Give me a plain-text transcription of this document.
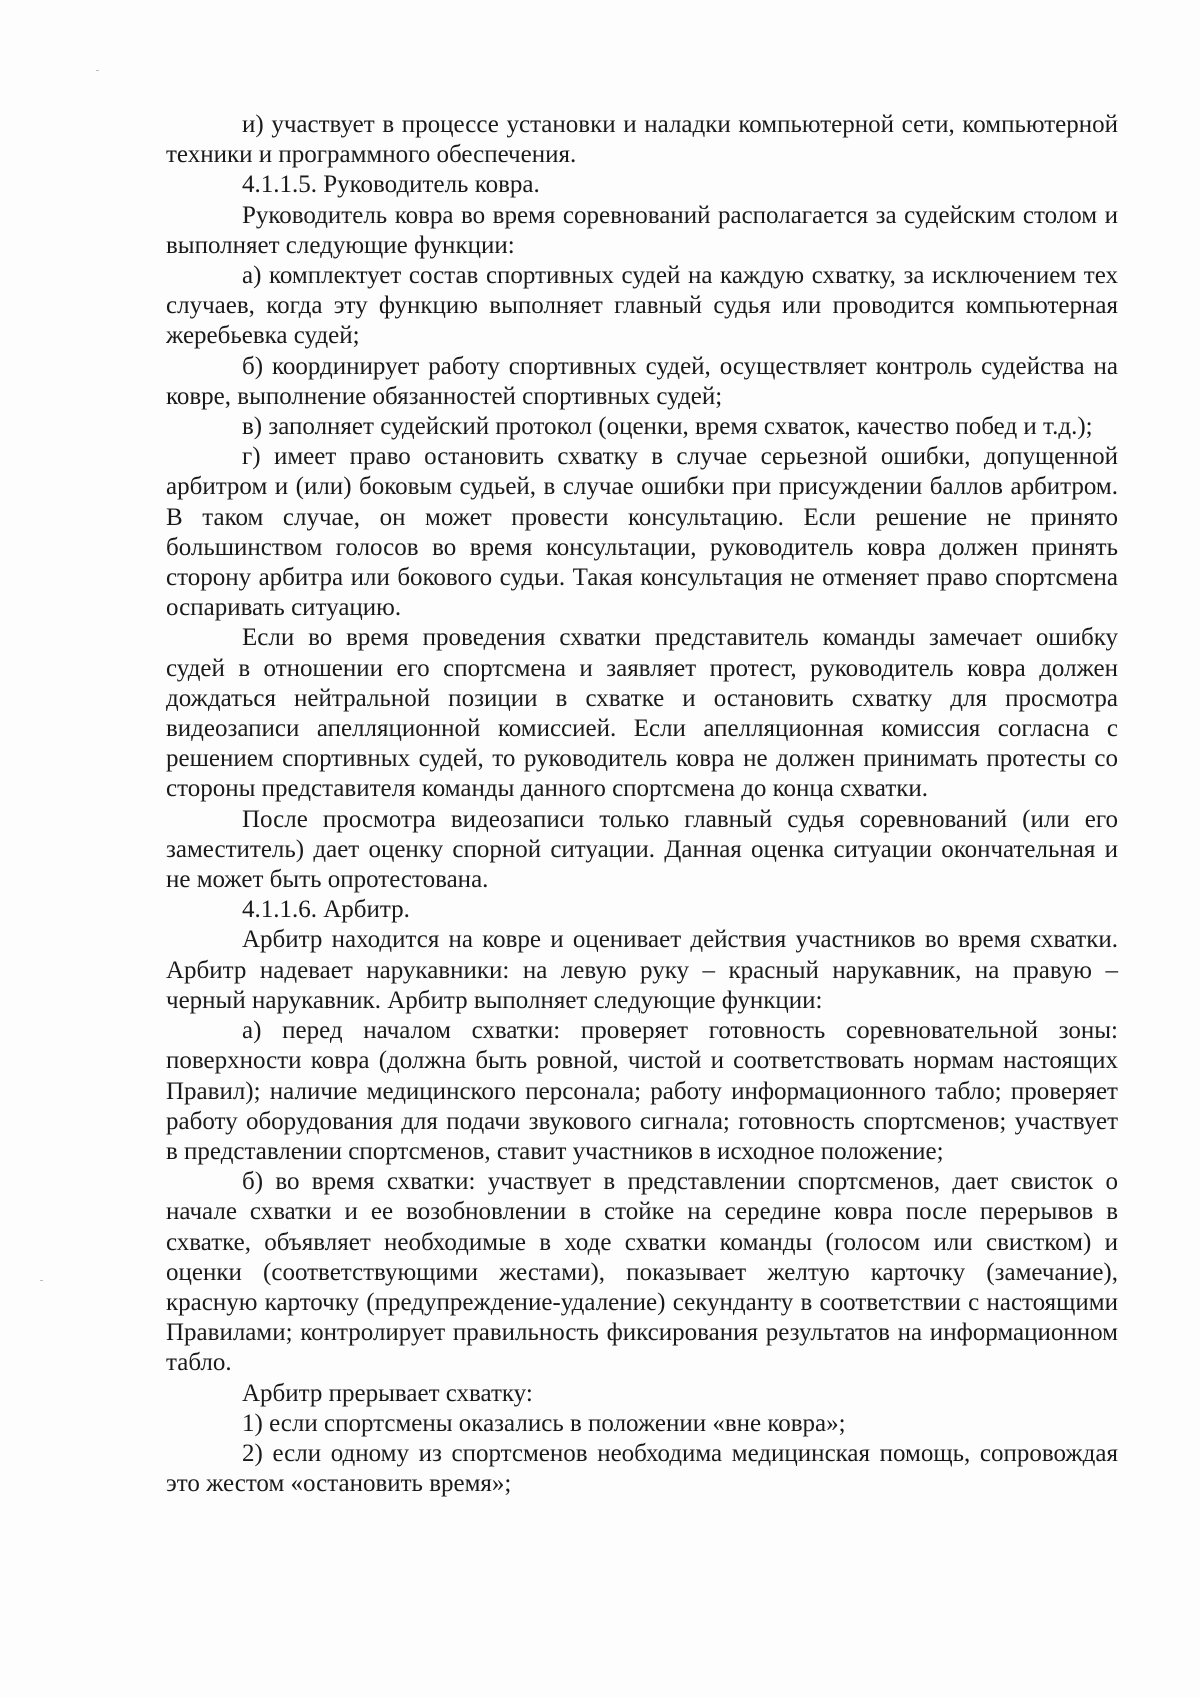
и) участвует в процессе установки и наладки компьютерной сети, компьютерной техники и программного обеспечения.

4.1.1.5. Руководитель ковра.

Руководитель ковра во время соревнований располагается за судейским столом и выполняет следующие функции:

а) комплектует состав спортивных судей на каждую схватку, за исключением тех случаев, когда эту функцию выполняет главный судья или проводится компьютерная жеребьевка судей;

б) координирует работу спортивных судей, осуществляет контроль судейства на ковре, выполнение обязанностей спортивных судей;

в) заполняет судейский протокол (оценки, время схваток, качество побед и т.д.);

г) имеет право остановить схватку в случае серьезной ошибки, допущенной арбитром и (или) боковым судьей, в случае ошибки при присуждении баллов арбитром. В таком случае, он может провести консультацию. Если решение не принято большинством голосов во время консультации, руководитель ковра должен принять сторону арбитра или бокового судьи. Такая консультация не отменяет право спортсмена оспаривать ситуацию.

Если во время проведения схватки представитель команды замечает ошибку судей в отношении его спортсмена и заявляет протест, руководитель ковра должен дождаться нейтральной позиции в схватке и остановить схватку для просмотра видеозаписи апелляционной комиссией. Если апелляционная комиссия согласна с решением спортивных судей, то руководитель ковра не должен принимать протесты со стороны представителя команды данного спортсмена до конца схватки.

После просмотра видеозаписи только главный судья соревнований (или его заместитель) дает оценку спорной ситуации. Данная оценка ситуации окончательная и не может быть опротестована.

4.1.1.6. Арбитр.

Арбитр находится на ковре и оценивает действия участников во время схватки. Арбитр надевает нарукавники: на левую руку – красный нарукавник, на правую – черный нарукавник. Арбитр выполняет следующие функции:

а) перед началом схватки: проверяет готовность соревновательной зоны: поверхности ковра (должна быть ровной, чистой и соответствовать нормам настоящих Правил); наличие медицинского персонала; работу информационного табло; проверяет работу оборудования для подачи звукового сигнала; готовность спортсменов; участвует в представлении спортсменов, ставит участников в исходное положение;

б) во время схватки: участвует в представлении спортсменов, дает свисток о начале схватки и ее возобновлении в стойке на середине ковра после перерывов в схватке, объявляет необходимые в ходе схватки команды (голосом или свистком) и оценки (соответствующими жестами), показывает желтую карточку (замечание), красную карточку (предупреждение-удаление) секунданту в соответствии с настоящими Правилами; контролирует правильность фиксирования результатов на информационном табло.

Арбитр прерывает схватку:

1) если спортсмены оказались в положении «вне ковра»;

2) если одному из спортсменов необходима медицинская помощь, сопровождая это жестом «остановить время»;
